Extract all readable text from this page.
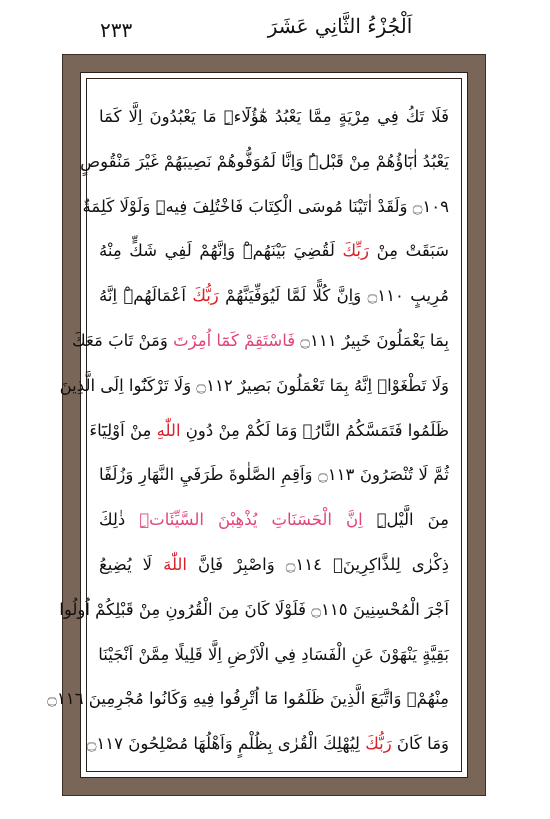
٢٣٣	اَلْجُزْءُ الثَّانِي عَشَرَ
فَلَا تَكُ فِي مِرْيَةٍ مِمَّا يَعْبُدُ هٰٓؤُلَٓاءِۜ مَا يَعْبُدُونَ اِلَّا كَمَا
يَعْبُدُ اٰبَٓاؤُهُمْ مِنْ قَبْلُۜ وَاِنَّا لَمُوَفُّوهُمْ نَصِيبَهُمْ غَيْرَ مَنْقُوصٍ
۝١٠٩ وَلَقَدْ اٰتَيْنَا مُوسَى الْكِتَابَ فَاخْتُلِفَ فِيهِۜ وَلَوْلَا كَلِمَةٌ
سَبَقَتْ مِنْ رَبِّكَ لَقُضِيَ بَيْنَهُمْۜ وَاِنَّهُمْ لَفِي شَكٍّ مِنْهُ
مُرِيبٍ ۝١١٠ وَاِنَّ كُلًّا لَمَّا لَيُوَفِّيَنَّهُمْ رَبُّكَ اَعْمَالَهُمْۜ اِنَّهُ
بِمَا يَعْمَلُونَ خَبِيرٌ ۝١١١ فَاسْتَقِمْ كَمَٓا اُمِرْتَ وَمَنْ تَابَ مَعَكَ
وَلَا تَطْغَوْاۜ اِنَّهُ بِمَا تَعْمَلُونَ بَصِيرٌ ۝١١٢ وَلَا تَرْكَنُٓوا اِلَى الَّذِينَ
ظَلَمُوا فَتَمَسَّكُمُ النَّارُۙ وَمَا لَكُمْ مِنْ دُونِ اللّٰهِ مِنْ اَوْلِيَٓاءَ
ثُمَّ لَا تُنْصَرُونَ ۝١١٣ وَاَقِمِ الصَّلٰوةَ طَرَفَيِ النَّهَارِ وَزُلَفًا
مِنَ الَّيْلِۜ اِنَّ الْحَسَنَاتِ يُذْهِبْنَ السَّيِّئَاتِۜ ذٰلِكَ
ذِكْرٰى لِلذَّاكِرِينَۚ ۝١١٤ وَاصْبِرْ فَاِنَّ اللّٰهَ لَا يُضِيعُ
اَجْرَ الْمُحْسِنِينَ ۝١١٥ فَلَوْلَا كَانَ مِنَ الْقُرُونِ مِنْ قَبْلِكُمْ اُولُوا
بَقِيَّةٍ يَنْهَوْنَ عَنِ الْفَسَادِ فِي الْاَرْضِ اِلَّا قَلِيلًا مِمَّنْ اَنْجَيْنَا
مِنْهُمْۚ وَاتَّبَعَ الَّذِينَ ظَلَمُوا مَٓا اُتْرِفُوا فِيهِ وَكَانُوا مُجْرِمِينَ ۝١١٦
وَمَا كَانَ رَبُّكَ لِيُهْلِكَ الْقُرٰى بِظُلْمٍ وَاَهْلُهَا مُصْلِحُونَ ۝١١٧
